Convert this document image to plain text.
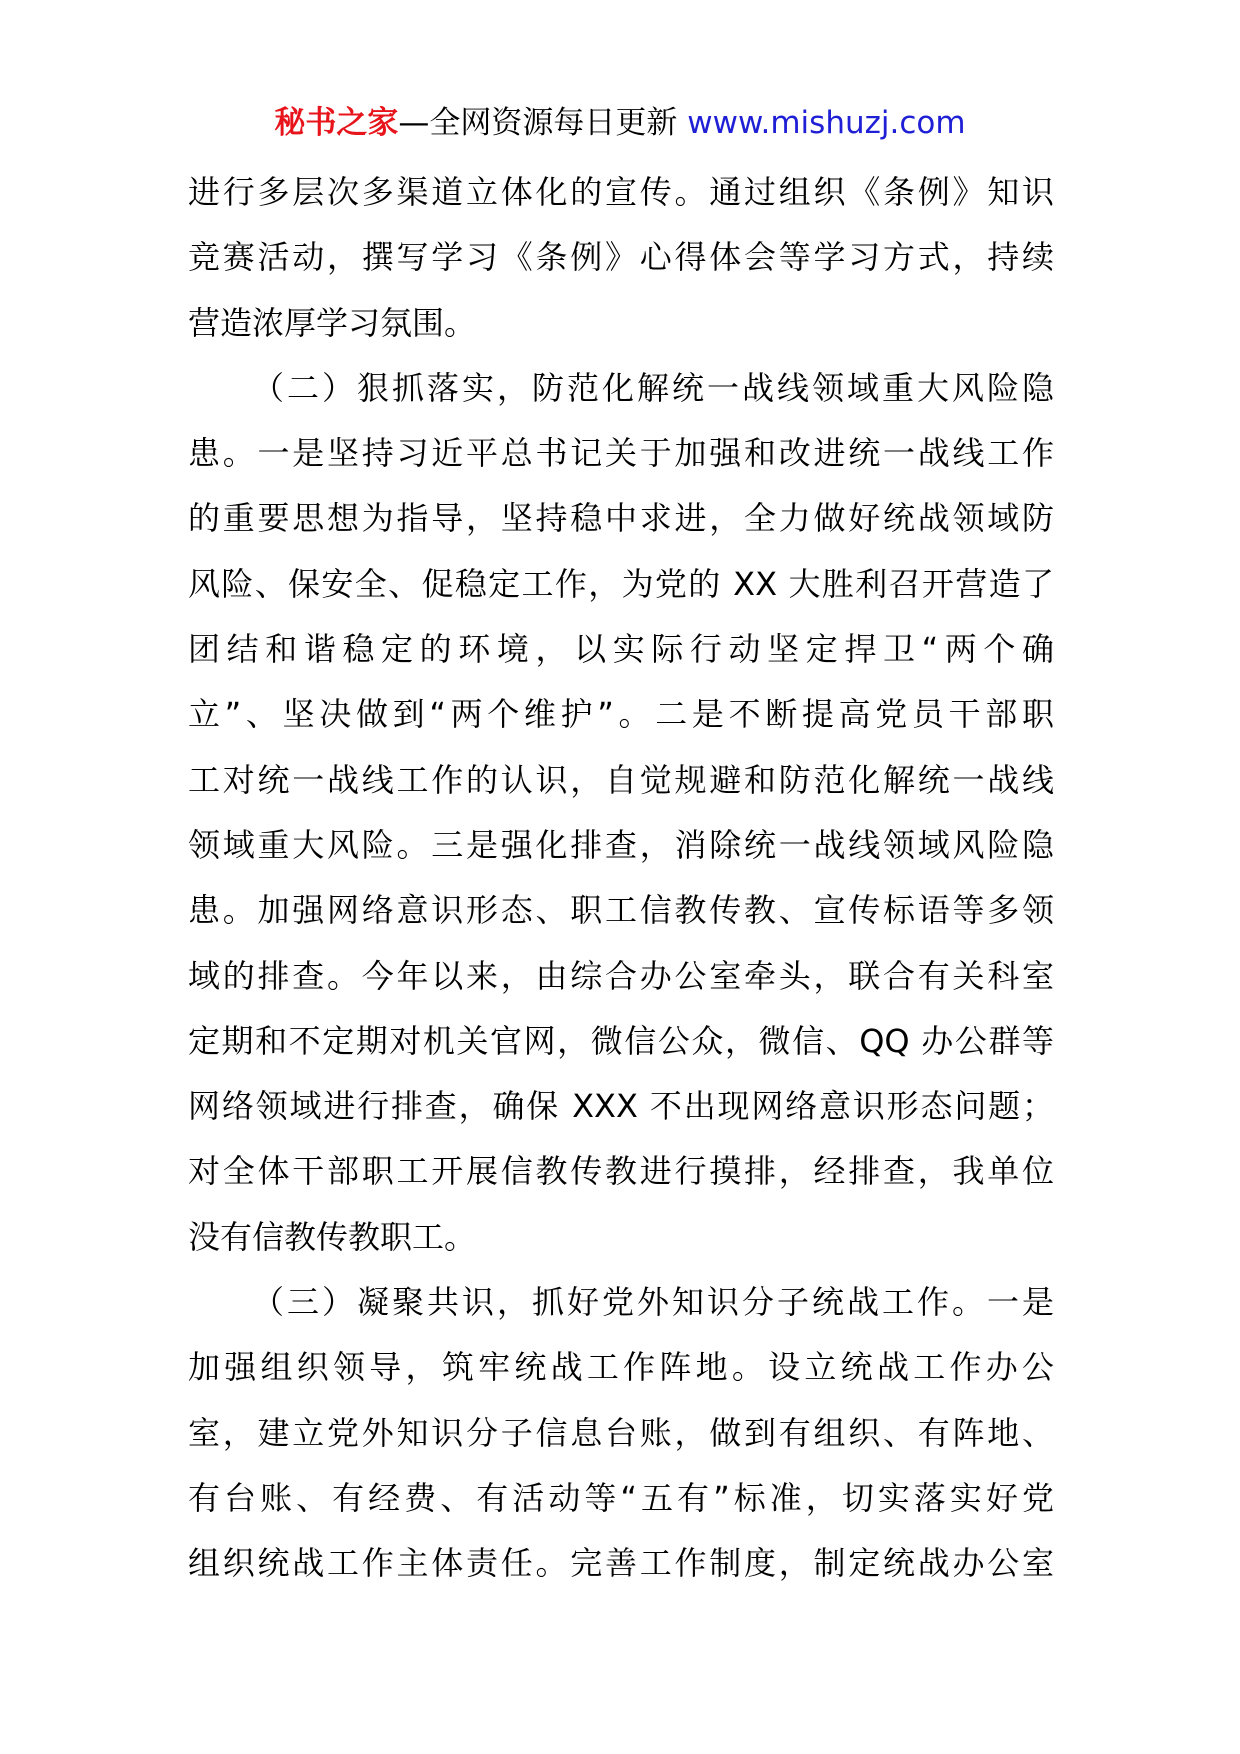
秘书之家—全网资源每日更新 www.mishuzj.com
进行多层次多渠道立体化的宣传。通过组织《条例》知识
竞赛活动，撰写学习《条例》心得体会等学习方式，持续
营造浓厚学习氛围。
（二）狠抓落实，防范化解统一战线领域重大风险隐
患。一是坚持习近平总书记关于加强和改进统一战线工作
的重要思想为指导，坚持稳中求进，全力做好统战领域防
风险、保安全、促稳定工作，为党的 XX 大胜利召开营造了
团结和谐稳定的环境，以实际行动坚定捍卫“两个确
立”、坚决做到“两个维护”。二是不断提高党员干部职
工对统一战线工作的认识，自觉规避和防范化解统一战线
领域重大风险。三是强化排查，消除统一战线领域风险隐
患。加强网络意识形态、职工信教传教、宣传标语等多领
域的排查。今年以来，由综合办公室牵头，联合有关科室
定期和不定期对机关官网，微信公众，微信、QQ 办公群等
网络领域进行排查，确保 XXX 不出现网络意识形态问题；
对全体干部职工开展信教传教进行摸排，经排查，我单位
没有信教传教职工。
（三）凝聚共识，抓好党外知识分子统战工作。一是
加强组织领导，筑牢统战工作阵地。设立统战工作办公
室，建立党外知识分子信息台账，做到有组织、有阵地、
有台账、有经费、有活动等“五有”标准，切实落实好党
组织统战工作主体责任。完善工作制度，制定统战办公室
